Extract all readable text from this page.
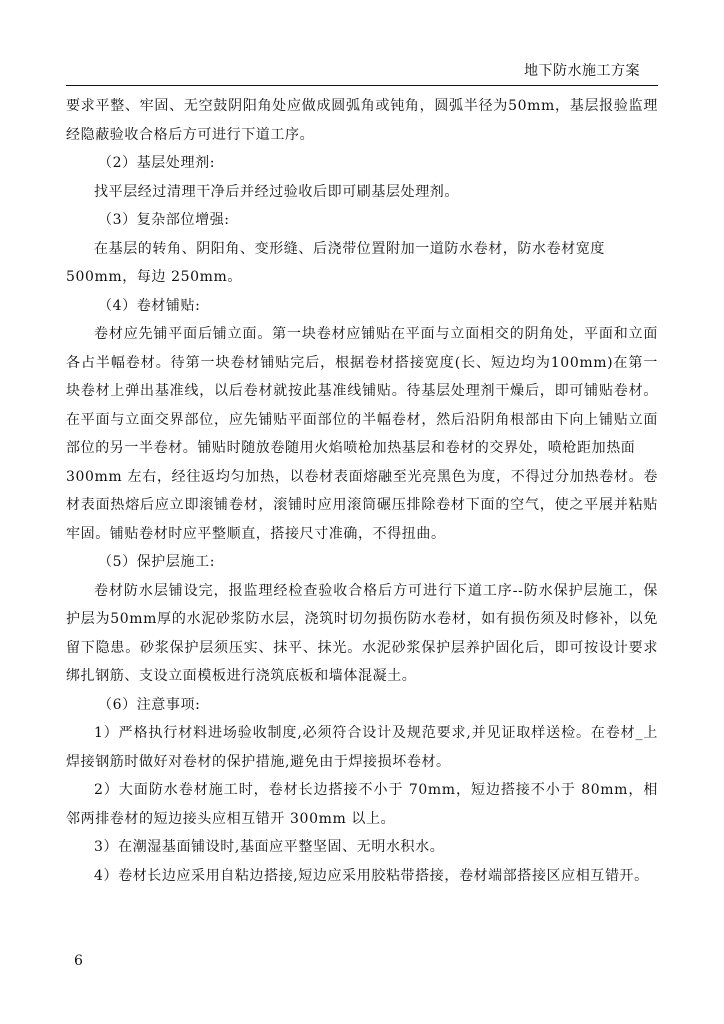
地下防水施工方案

要求平整、牢固、无空鼓阴阳角处应做成圆弧角或钝角，圆弧半径为50mm，基层报验监理经隐蔽验收合格后方可进行下道工序。

（2）基层处理剂:

找平层经过清理干净后并经过验收后即可刷基层处理剂。

（3）复杂部位增强:

在基层的转角、阴阳角、变形缝、后浇带位置附加一道防水卷材，防水卷材宽度

500mm，每边 250mm。

（4）卷材铺贴:

卷材应先铺平面后铺立面。第一块卷材应铺贴在平面与立面相交的阴角处，平面和立面各占半幅卷材。待第一块卷材铺贴完后，根据卷材搭接宽度(长、短边均为100mm)在第一块卷材上弹出基准线，以后卷材就按此基准线铺贴。待基层处理剂干燥后，即可铺贴卷材。在平面与立面交界部位，应先铺贴平面部位的半幅卷材，然后沿阴角根部由下向上铺贴立面部位的另一半卷材。铺贴时随放卷随用火焰喷枪加热基层和卷材的交界处，喷枪距加热面

300mm 左右，经往返均匀加热，以卷材表面熔融至光亮黑色为度，不得过分加热卷材。卷材表面热熔后应立即滚铺卷材，滚铺时应用滚筒碾压排除卷材下面的空气，使之平展并粘贴牢固。铺贴卷材时应平整顺直，搭接尺寸准确，不得扭曲。

（5）保护层施工:

卷材防水层铺设完，报监理经检查验收合格后方可进行下道工序--防水保护层施工，保护层为50mm厚的水泥砂浆防水层，浇筑时切勿损伤防水卷材，如有损伤须及时修补，以免留下隐患。砂浆保护层须压实、抹平、抹光。水泥砂浆保护层养护固化后，即可按设计要求绑扎钢筋、支设立面模板进行浇筑底板和墙体混凝土。

（6）注意事项:

1）严格执行材料进场验收制度,必须符合设计及规范要求,并见证取样送检。在卷材_上焊接钢筋时做好对卷材的保护措施,避免由于焊接损坏卷材。

2）大面防水卷材施工时，卷材长边搭接不小于 70mm，短边搭接不小于 80mm，相邻两排卷材的短边接头应相互错开 300mm 以上。

3）在潮湿基面铺设时,基面应平整坚固、无明水积水。

4）卷材长边应采用自粘边搭接,短边应采用胶粘带搭接，卷材端部搭接区应相互错开。

6
